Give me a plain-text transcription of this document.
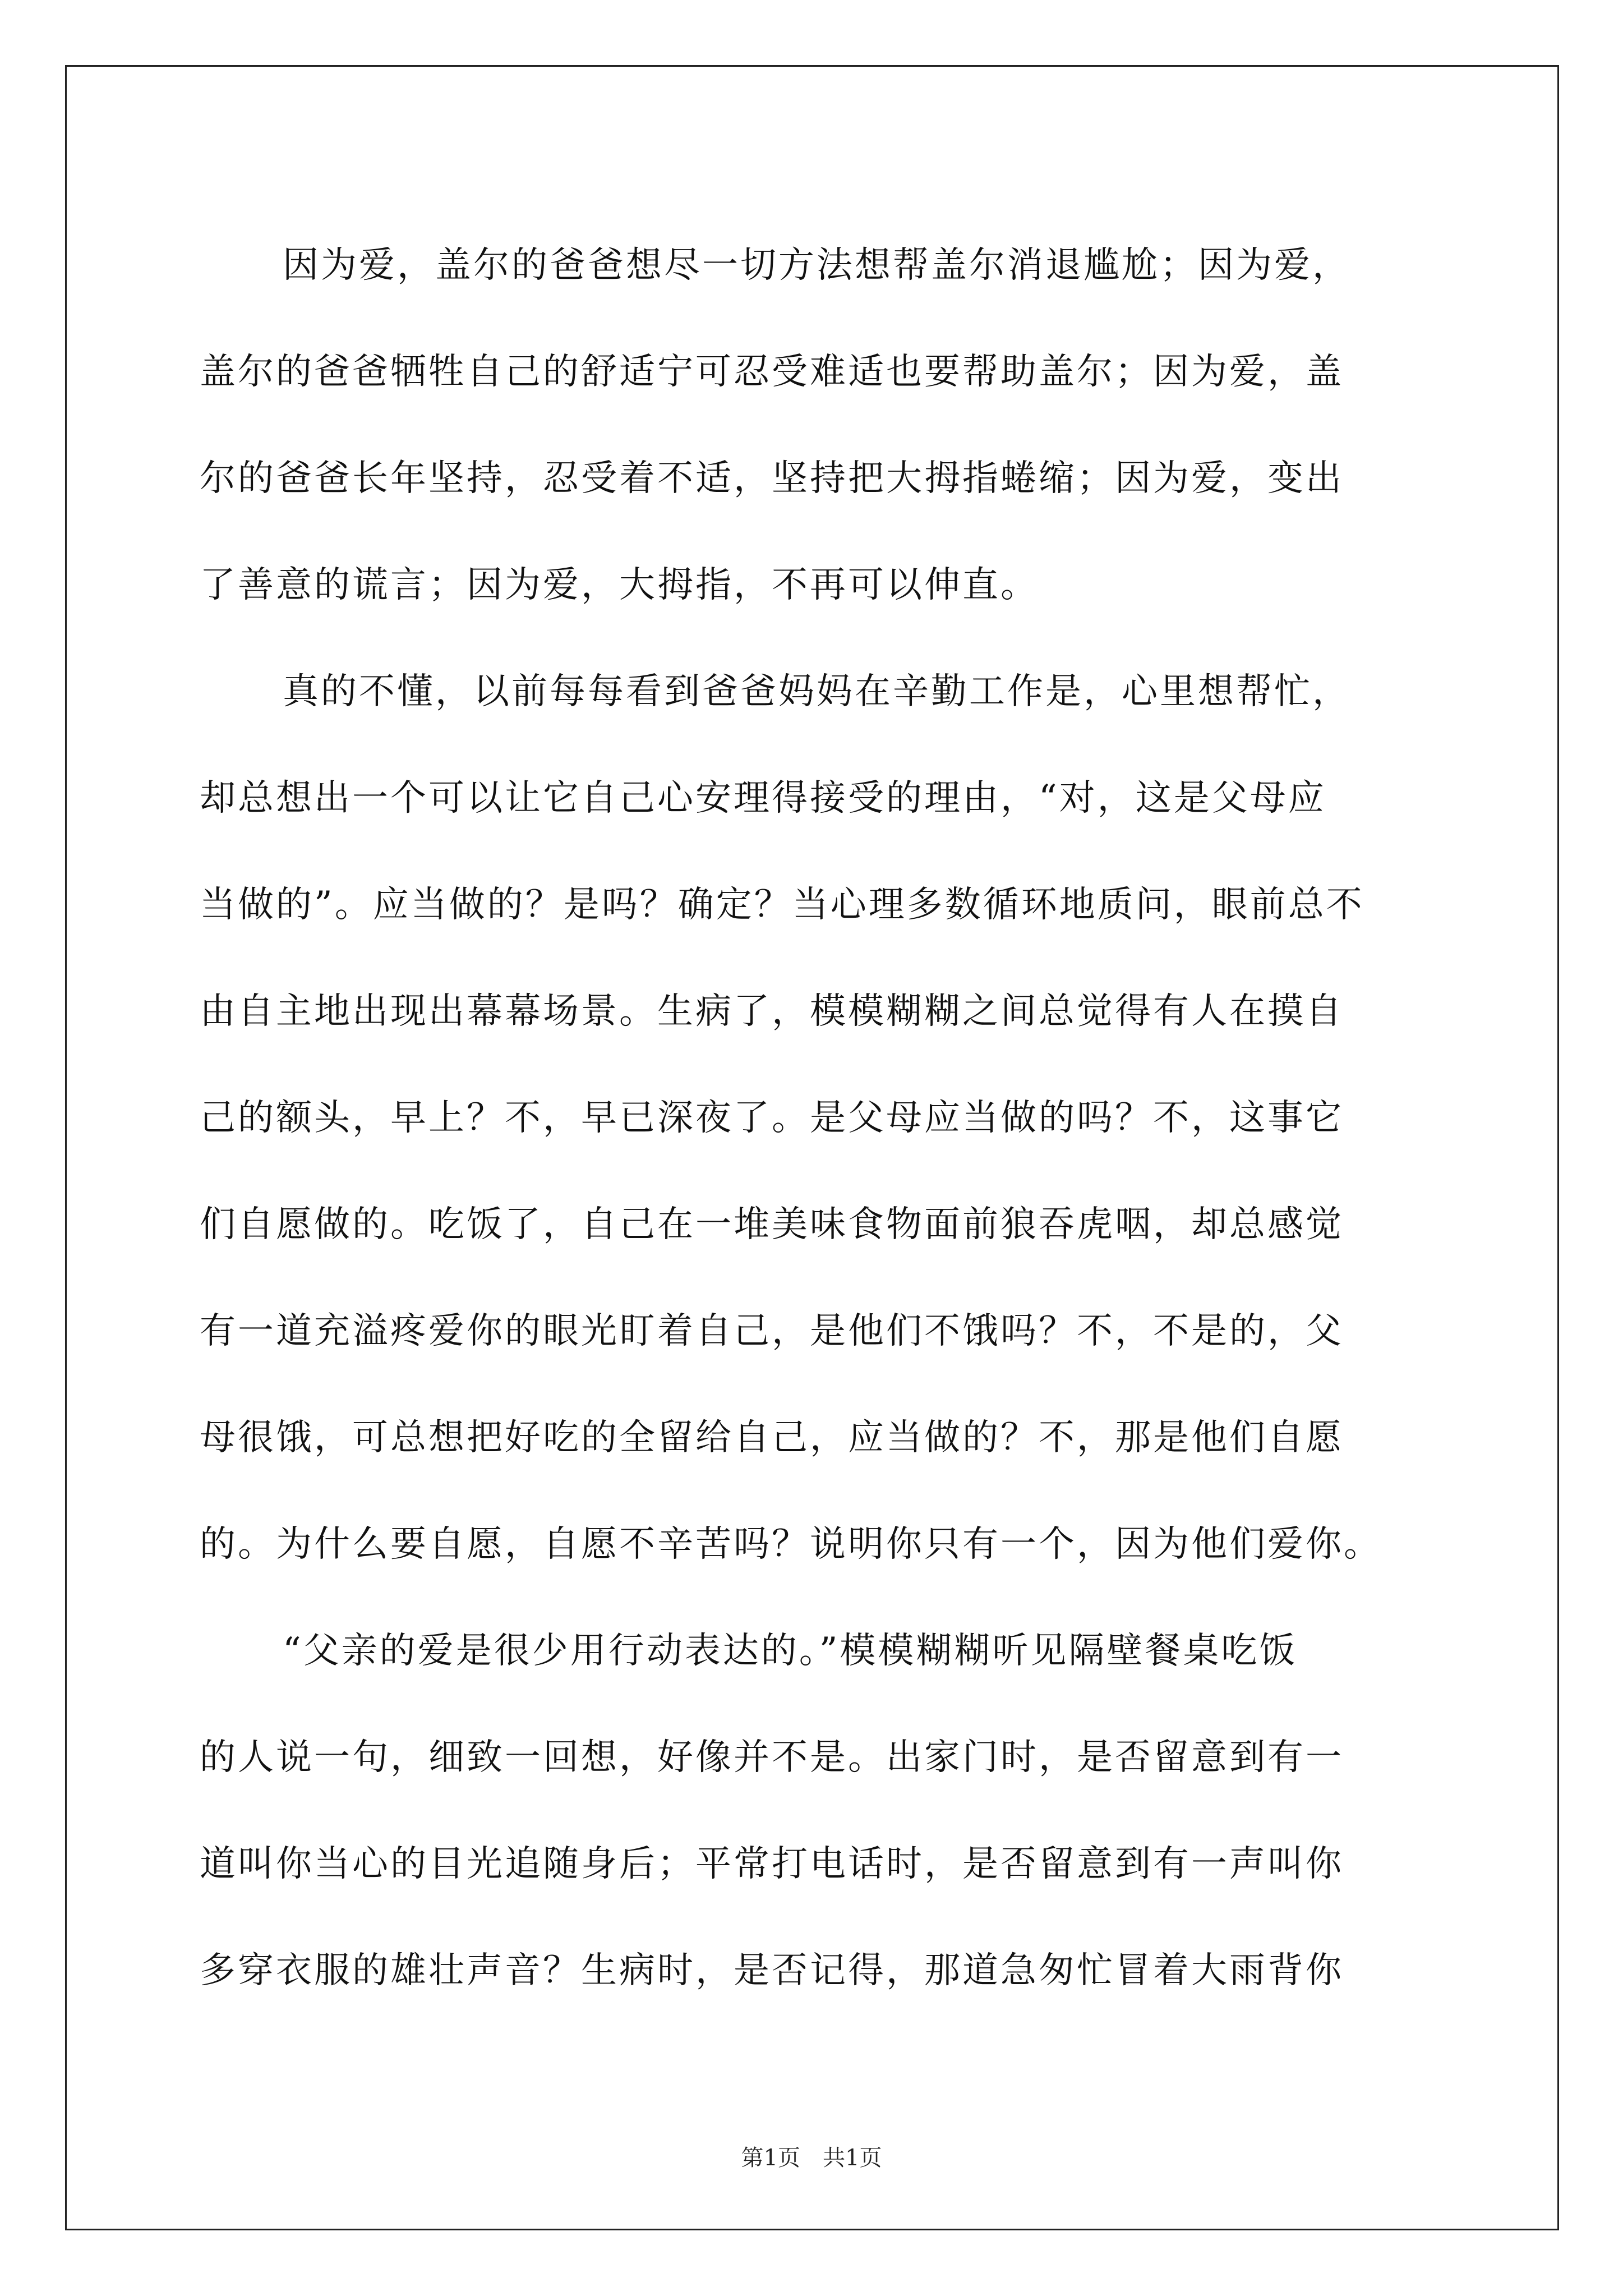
因为爱，盖尔的爸爸想尽一切方法想帮盖尔消退尴尬；因为爱，
盖尔的爸爸牺牲自己的舒适宁可忍受难适也要帮助盖尔；因为爱，盖
尔的爸爸长年坚持，忍受着不适，坚持把大拇指蜷缩；因为爱，变出
了善意的谎言；因为爱，大拇指，不再可以伸直。

真的不懂，以前每每看到爸爸妈妈在辛勤工作是，心里想帮忙，
却总想出一个可以让它自己心安理得接受的理由，“对，这是父母应
当做的”。应当做的？是吗？确定？当心理多数循环地质问，眼前总不
由自主地出现出幕幕场景。生病了，模模糊糊之间总觉得有人在摸自
己的额头，早上？不，早已深夜了。是父母应当做的吗？不，这事它
们自愿做的。吃饭了，自己在一堆美味食物面前狼吞虎咽，却总感觉
有一道充溢疼爱你的眼光盯着自己，是他们不饿吗？不，不是的，父
母很饿，可总想把好吃的全留给自己，应当做的？不，那是他们自愿
的。为什么要自愿，自愿不辛苦吗？说明你只有一个，因为他们爱你。

“父亲的爱是很少用行动表达的。”模模糊糊听见隔壁餐桌吃饭
的人说一句，细致一回想，好像并不是。出家门时，是否留意到有一
道叫你当心的目光追随身后；平常打电话时，是否留意到有一声叫你
多穿衣服的雄壮声音？生病时，是否记得，那道急匆忙冒着大雨背你

第1页　共1页
